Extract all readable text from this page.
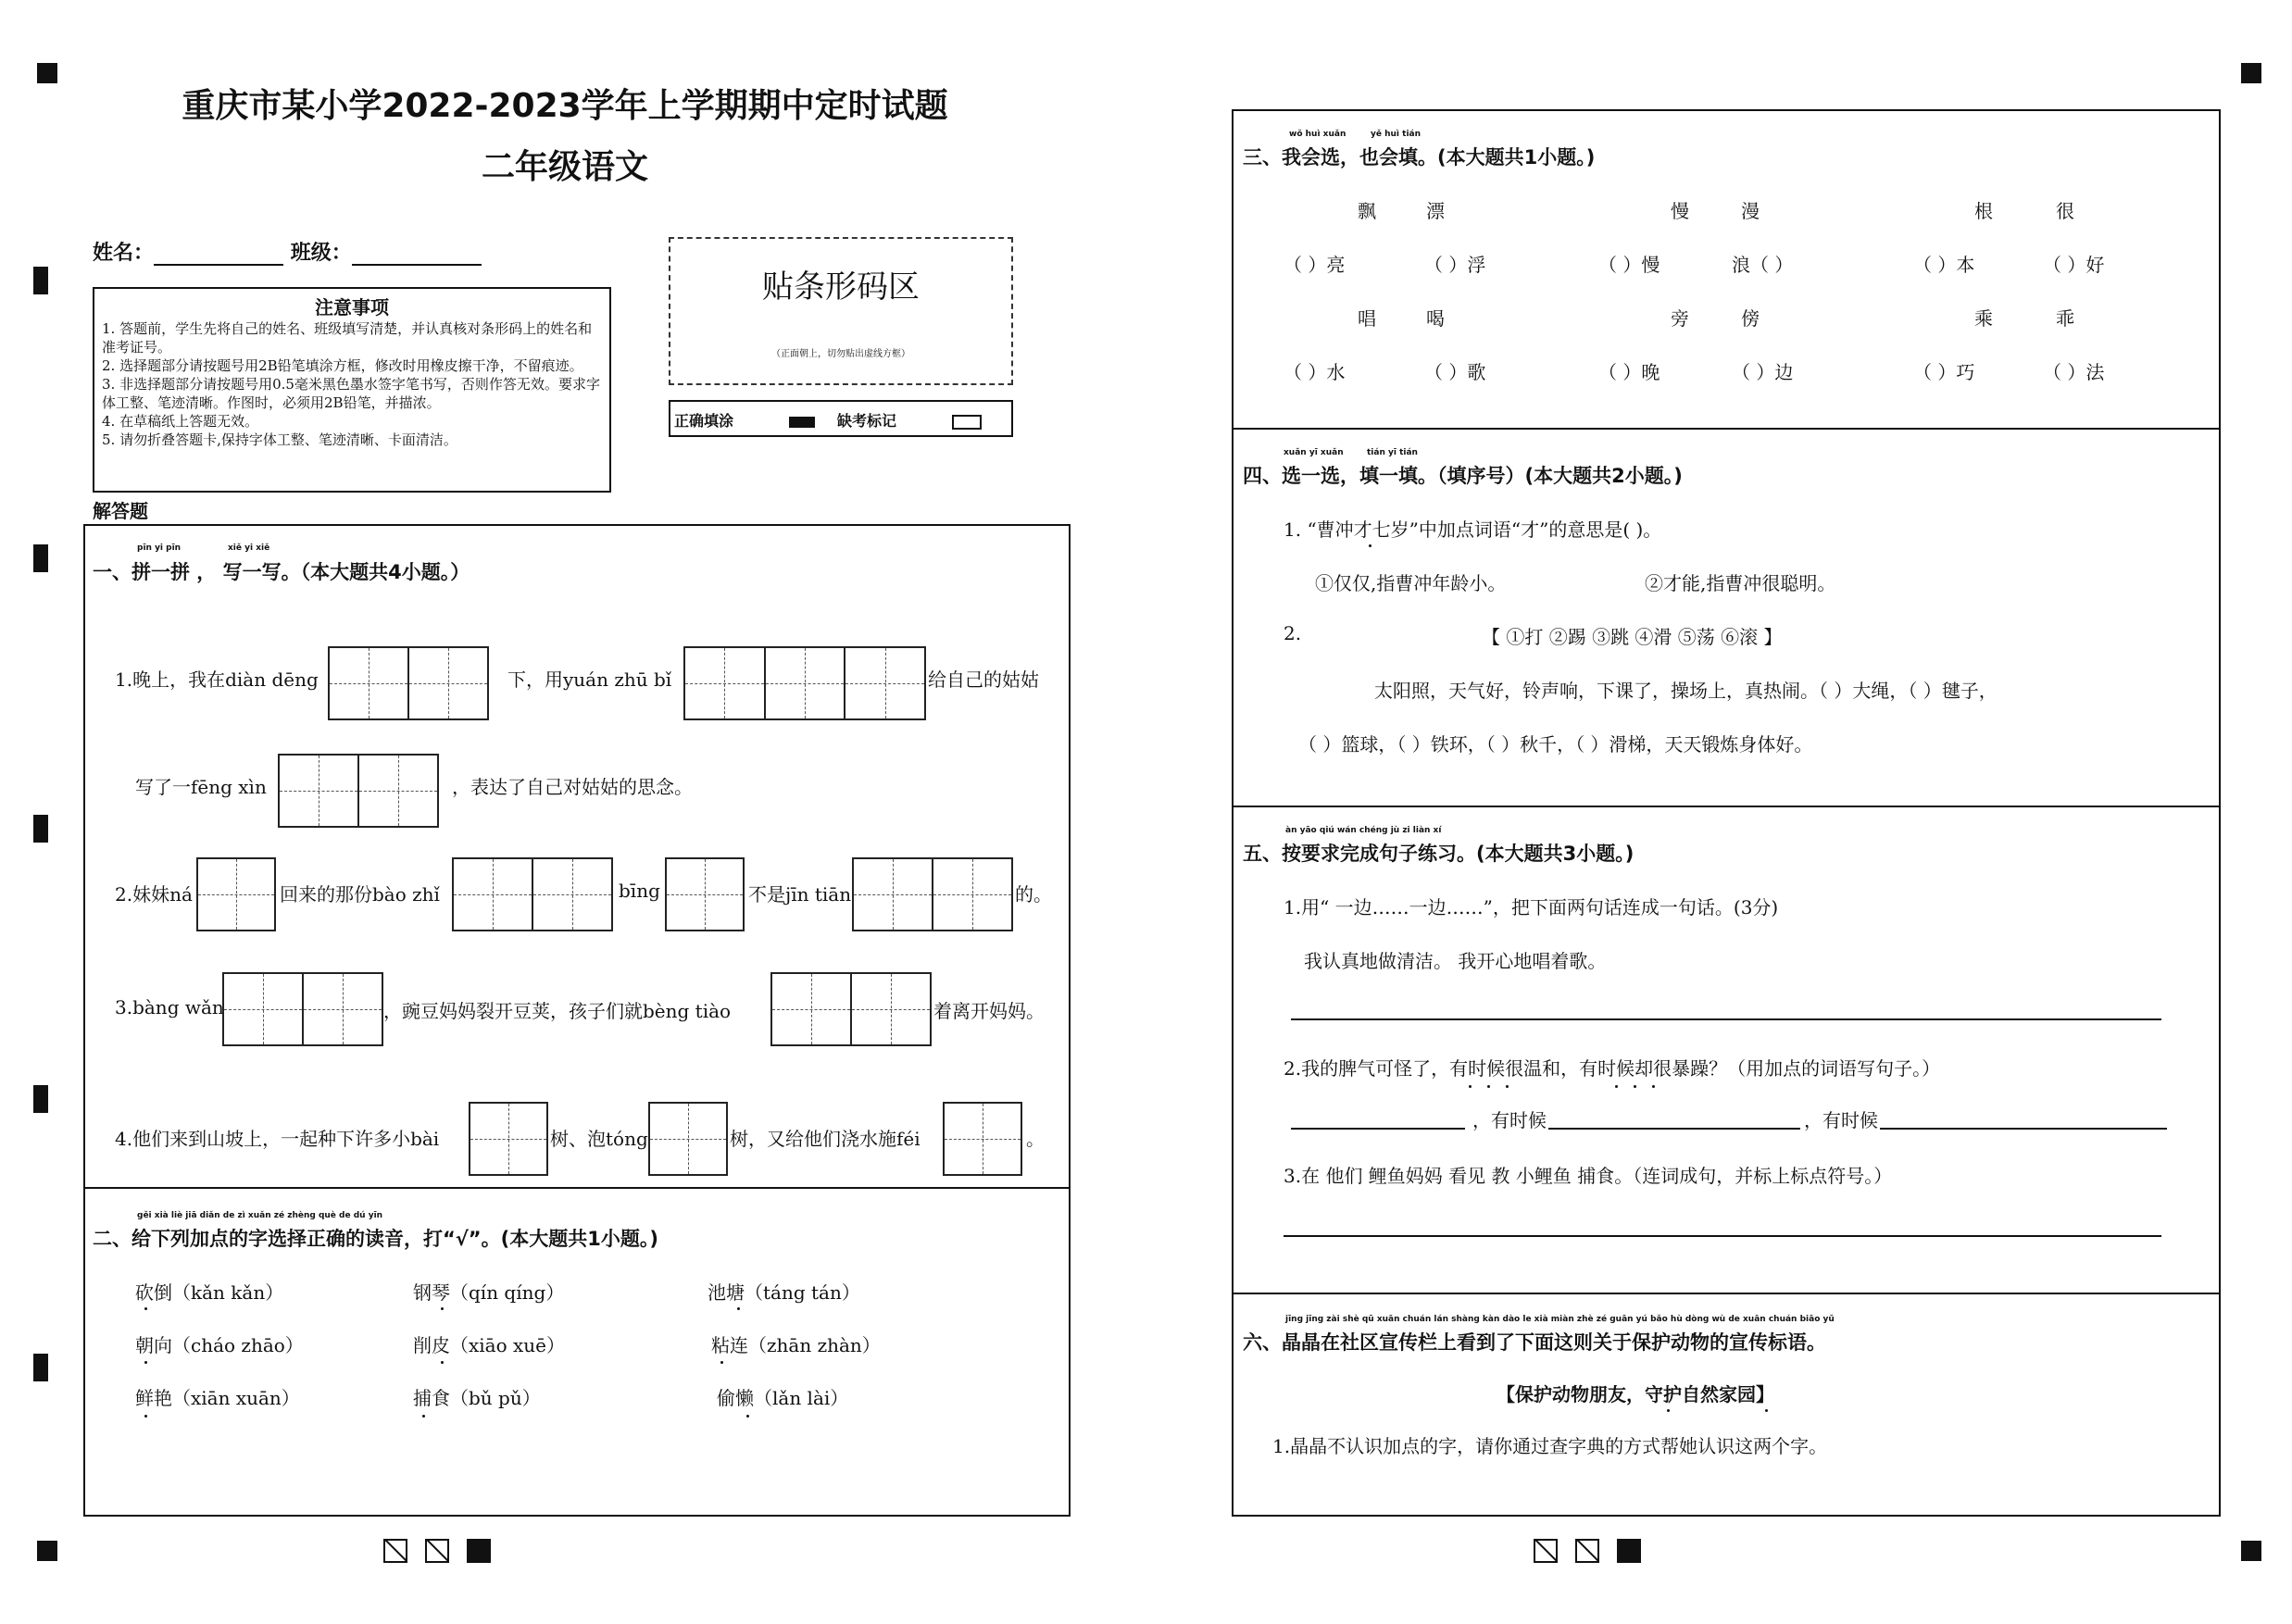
重庆市某小学2022-2023学年上学期期中定时试题
二年级语文
姓名：	班级：
注意事项

1. 答题前，学生先将自己的姓名、班级填写清楚，并认真核对条形码上的姓名和准考证号。

2. 选择题部分请按题号用2B铅笔填涂方框，修改时用橡皮擦干净，不留痕迹。

3. 非选择题部分请按题号用0.5毫米黑色墨水签字笔书写，否则作答无效。要求字体工整、笔迹清晰。作图时，必须用2B铅笔，并描浓。

4. 在草稿纸上答题无效。

5. 请勿折叠答题卡,保持字体工整、笔迹清晰、卡面清洁。

贴条形码区
（正面朝上，切勿贴出虚线方框）
正确填涂	缺考标记
解答题
pīn yi pīn	xiě yi xiě
一、拼一拼 ， 写一写。（本大题共4小题。）
1.晚上，我在diàn dēng	下，用yuán zhū bǐ	给自己的姑姑
写了一fēng xìn	，表达了自己对姑姑的思念。
2.妹妹ná	回来的那份bào zhǐ	bīng	不是jīn tiān	的。
3.bàng wǎn	，豌豆妈妈裂开豆荚，孩子们就bèng tiào	着离开妈妈。
4.他们来到山坡上，一起种下许多小bài	树、泡tóng	树，又给他们浇水施féi	。
gěi xià liè jiā diǎn de zì xuǎn zé zhèng què de dú yīn
二、给下列加点的字选择正确的读音，打“√”。(本大题共1小题。)
砍倒（kǎn kǎn）	钢琴（qín qíng）	池塘（táng tán）
朝向（cháo zhāo）	削皮（xiāo xuē）	粘连（zhān zhàn）
鲜艳（xiān xuān）	捕食（bǔ pǔ）	偷懒（lǎn lài）
wǒ huì xuǎn	yě huì tián
三、我会选，也会填。(本大题共1小题。)
飘	漂	慢	漫	根	很
（ ）亮	（ ）浮	（ ）慢	浪（ ）	（ ）本	（ ）好
唱	喝	旁	傍	乘	乖
（ ）水	（ ）歌	（ ）晚	（ ）边	（ ）巧	（ ）法
xuǎn yī xuǎn	tián yī tián
四、选一选，填一填。（填序号）(本大题共2小题。)
1. “曹冲才七岁”中加点词语“才”的意思是( )。
①仅仅,指曹冲年龄小。	②才能,指曹冲很聪明。
2.	【 ①打 ②踢 ③跳 ④滑 ⑤荡 ⑥滚 】
太阳照，天气好，铃声响，下课了，操场上，真热闹。（ ）大绳，（ ）毽子，
（ ）篮球，（ ）铁环，（ ）秋千，（ ）滑梯，天天锻炼身体好。
àn yāo qiú wán chéng jù zi liàn xí
五、按要求完成句子练习。(本大题共3小题。)
1.用“ 一边……一边……”，把下面两句话连成一句话。(3分)
我认真地做清洁。 我开心地唱着歌。
2.我的脾气可怪了，有时候很温和，有时候却很暴躁？（用加点的词语写句子。）
，有时候	，有时候
3.在 他们 鲤鱼妈妈 看见 教 小鲤鱼 捕食。（连词成句，并标上标点符号。）
jīng jīng zài shè qū xuān chuán lán shàng kàn dào le xià miàn zhè zé guān yú bǎo hù dòng wù de xuān chuán biāo yǔ
六、晶晶在社区宣传栏上看到了下面这则关于保护动物的宣传标语。
【保护动物朋友，守护自然家园】
1.晶晶不认识加点的字，请你通过查字典的方式帮她认识这两个字。
